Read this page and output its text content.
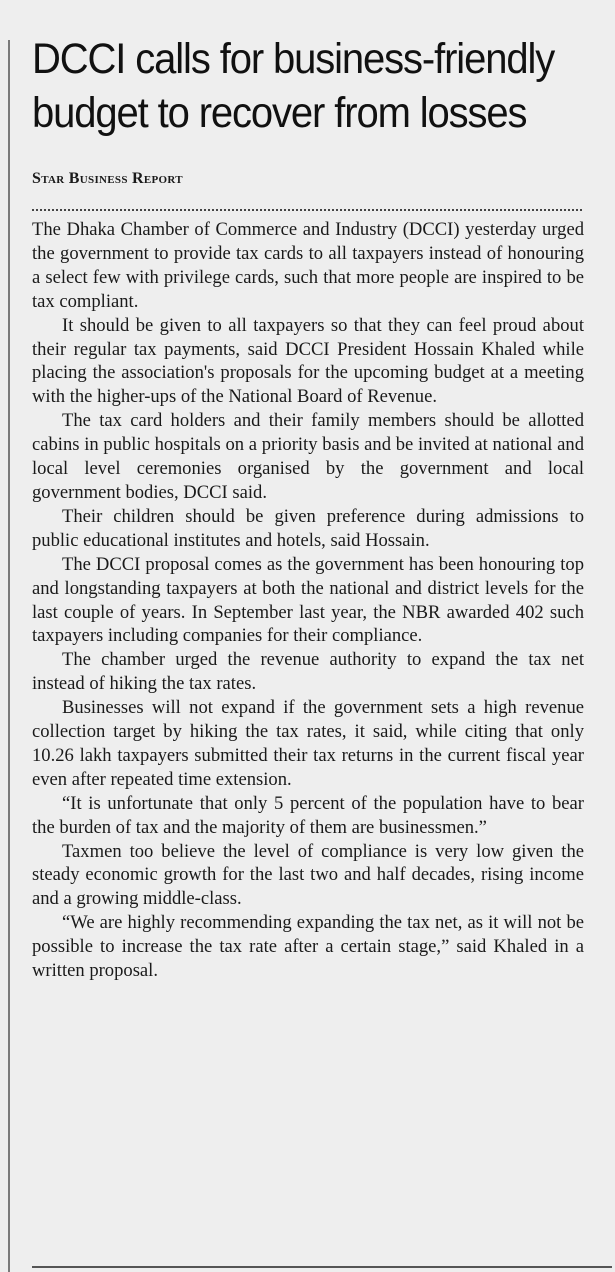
DCCI calls for business-friendly budget to recover from losses
Star Business Report

The Dhaka Chamber of Commerce and Industry (DCCI) yesterday urged the government to provide tax cards to all taxpayers instead of honouring a select few with privilege cards, such that more people are inspired to be tax compliant.

It should be given to all taxpayers so that they can feel proud about their regular tax payments, said DCCI President Hossain Khaled while placing the association's proposals for the upcoming budget at a meeting with the higher-ups of the National Board of Revenue.

The tax card holders and their family members should be allotted cabins in public hospitals on a priority basis and be invited at national and local level ceremonies organised by the government and local government bodies, DCCI said.

Their children should be given preference during admissions to public educational institutes and hotels, said Hossain.

The DCCI proposal comes as the government has been honouring top and longstanding taxpayers at both the national and district levels for the last couple of years. In September last year, the NBR awarded 402 such taxpayers including companies for their compliance.

The chamber urged the revenue authority to expand the tax net instead of hiking the tax rates.

Businesses will not expand if the government sets a high revenue collection target by hiking the tax rates, it said, while citing that only 10.26 lakh taxpayers submitted their tax returns in the current fiscal year even after repeated time extension.

“It is unfortunate that only 5 percent of the population have to bear the burden of tax and the majority of them are businessmen.”

Taxmen too believe the level of compliance is very low given the steady economic growth for the last two and half decades, rising income and a growing middle-class.

“We are highly recommending expanding the tax net, as it will not be possible to increase the tax rate after a certain stage,” said Khaled in a written proposal.
